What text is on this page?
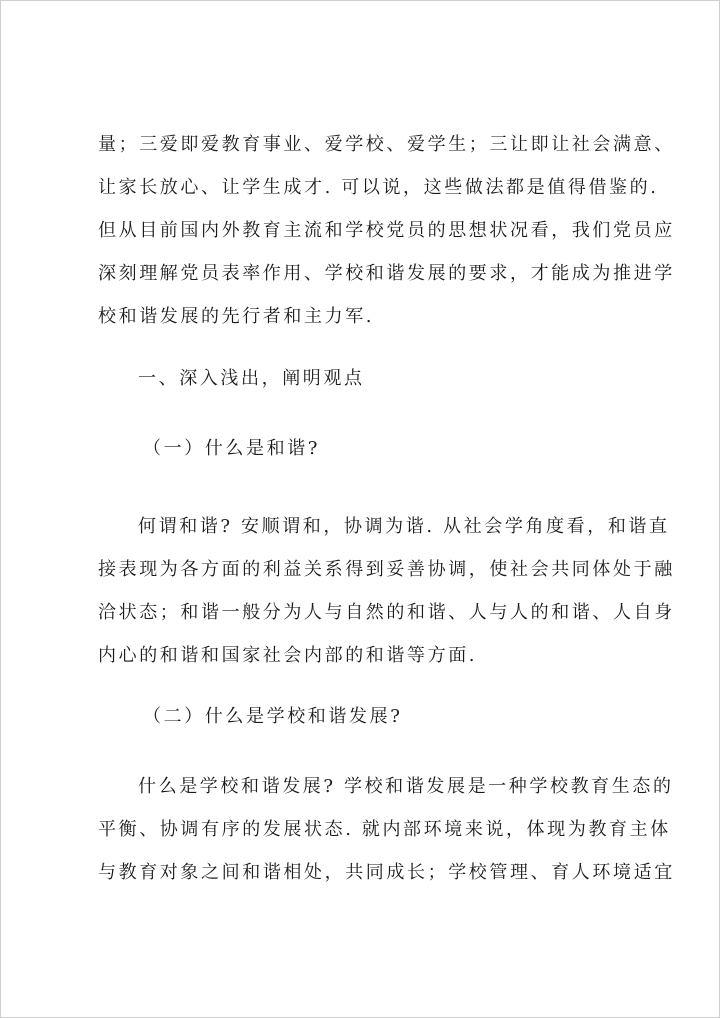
量；三爱即爱教育事业、爱学校、爱学生；三让即让社会满意、
让家长放心、让学生成才. 可以说，这些做法都是值得借鉴的.
但从目前国内外教育主流和学校党员的思想状况看，我们党员应
深刻理解党员表率作用、学校和谐发展的要求，才能成为推进学
校和谐发展的先行者和主力军.
一、深入浅出，阐明观点
（一）什么是和谐?
何谓和谐? 安顺谓和，协调为谐. 从社会学角度看，和谐直
接表现为各方面的利益关系得到妥善协调，使社会共同体处于融
洽状态；和谐一般分为人与自然的和谐、人与人的和谐、人自身
内心的和谐和国家社会内部的和谐等方面.
（二）什么是学校和谐发展?
什么是学校和谐发展? 学校和谐发展是一种学校教育生态的
平衡、协调有序的发展状态. 就内部环境来说，体现为教育主体
与教育对象之间和谐相处，共同成长；学校管理、育人环境适宜
